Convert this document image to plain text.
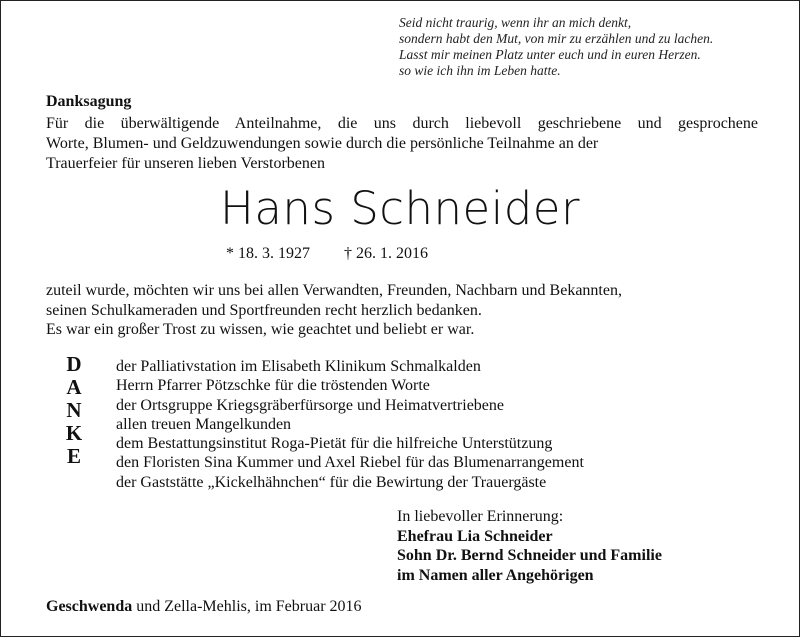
Seid nicht traurig, wenn ihr an mich denkt,
sondern habt den Mut, von mir zu erzählen und zu lachen.
Lasst mir meinen Platz unter euch und in euren Herzen.
so wie ich ihn im Leben hatte.
Danksagung
Für die überwältigende Anteilnahme, die uns durch liebevoll geschriebene und gesprochene
Worte, Blumen- und Geldzuwendungen sowie durch die persönliche Teilnahme an der
Trauerfeier für unseren lieben Verstorbenen
Hans Schneider
* 18. 3. 1927 † 26. 1. 2016
zuteil wurde, möchten wir uns bei allen Verwandten, Freunden, Nachbarn und Bekannten,
seinen Schulkameraden und Sportfreunden recht herzlich bedanken.
Es war ein großer Trost zu wissen, wie geachtet und beliebt er war.
D
A
N
K
E
der Palliativstation im Elisabeth Klinikum Schmalkalden
Herrn Pfarrer Pötzschke für die tröstenden Worte
der Ortsgruppe Kriegsgräberfürsorge und Heimatvertriebene
allen treuen Mangelkunden
dem Bestattungsinstitut Roga-Pietät für die hilfreiche Unterstützung
den Floristen Sina Kummer und Axel Riebel für das Blumenarrangement
der Gaststätte „Kickelhähnchen“ für die Bewirtung der Trauergäste
In liebevoller Erinnerung:
Ehefrau Lia Schneider
Sohn Dr. Bernd Schneider und Familie
im Namen aller Angehörigen
Geschwenda und Zella-Mehlis, im Februar 2016
